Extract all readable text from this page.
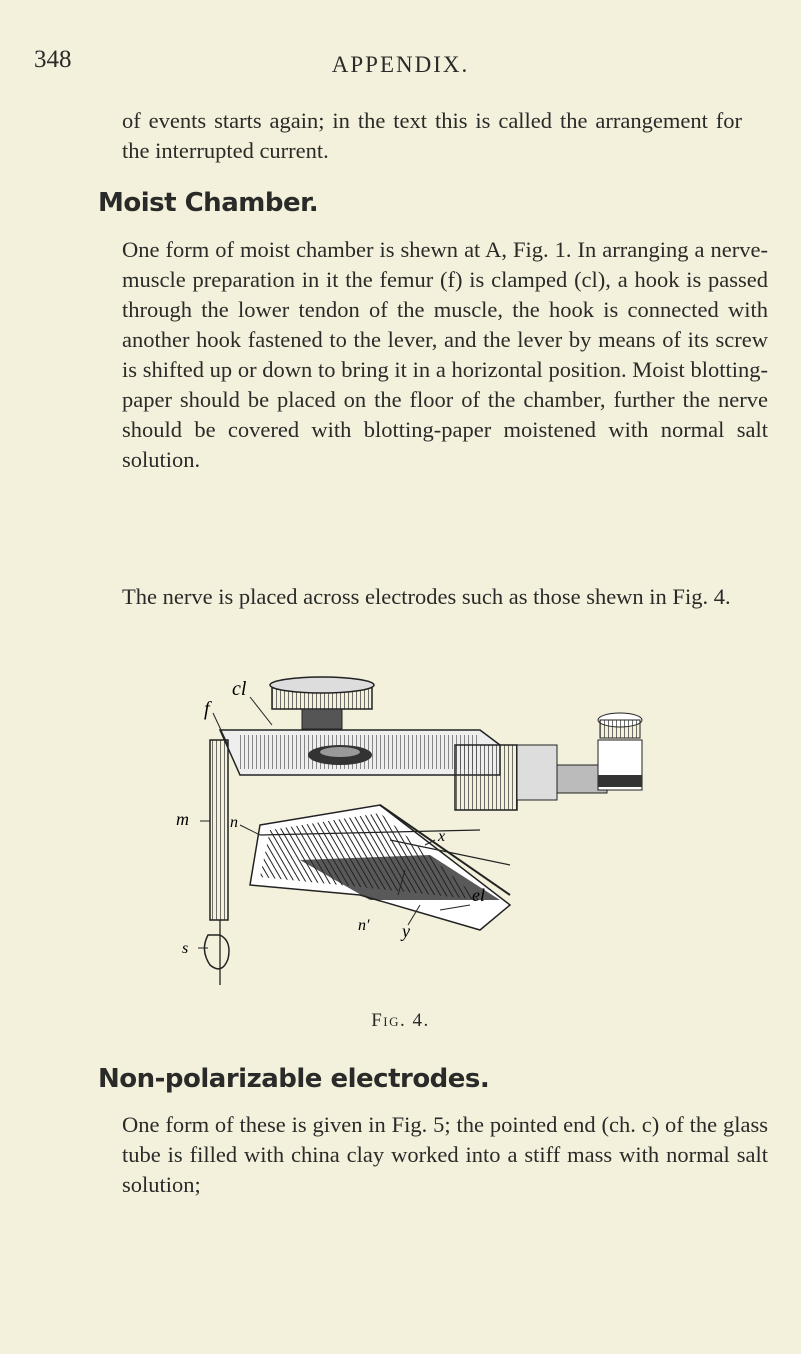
348	APPENDIX.

of events starts again; in the text this is called the arrangement for the interrupted current.

Moist Chamber.

One form of moist chamber is shewn at A, Fig. 1. In arranging a nerve-muscle preparation in it the femur (f) is clamped (cl), a hook is passed through the lower tendon of the muscle, the hook is connected with another hook fastened to the lever, and the lever by means of its screw is shifted up or down to bring it in a horizontal position. Moist blotting-paper should be placed on the floor of the chamber, further the nerve should be covered with blotting-paper moistened with normal salt solution.

The nerve is placed across electrodes such as those shewn in Fig. 4.

cl
f
m	n
x
el
n′ y
s
Fig. 4.
Non-polarizable electrodes.

One form of these is given in Fig. 5; the pointed end (ch. c) of the glass tube is filled with china clay worked into a stiff mass with normal salt solution;
